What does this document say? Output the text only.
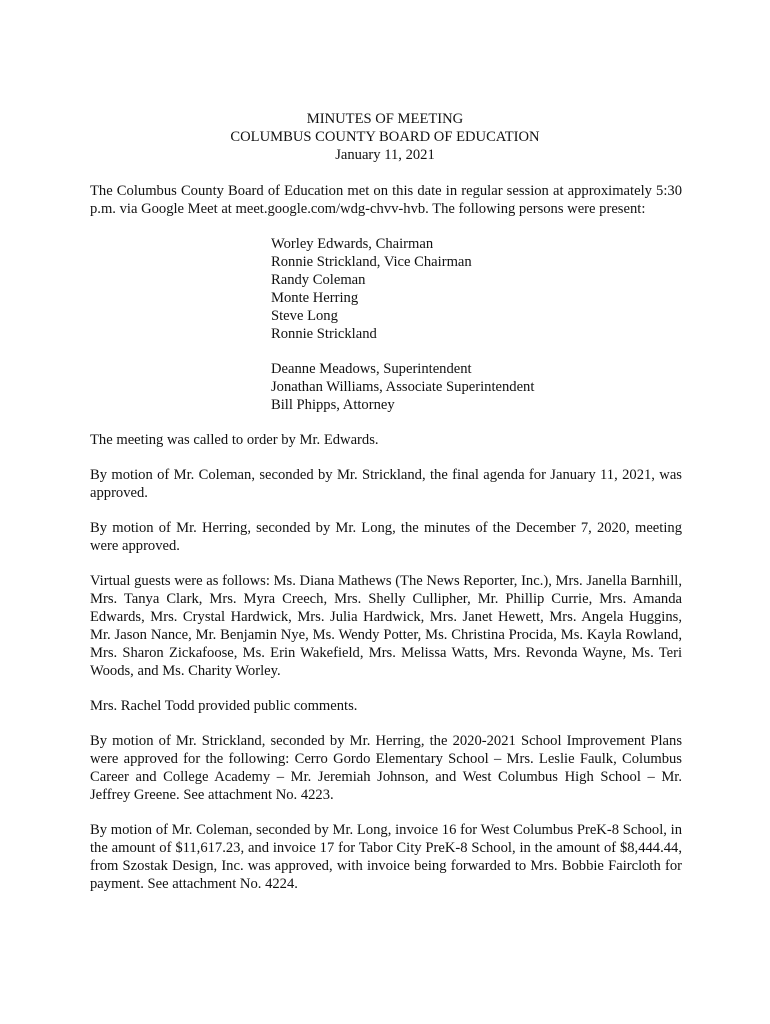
MINUTES OF MEETING
COLUMBUS COUNTY BOARD OF EDUCATION
January 11, 2021

The Columbus County Board of Education met on this date in regular session at approximately 5:30 p.m. via Google Meet at meet.google.com/wdg-chvv-hvb. The following persons were present:

Worley Edwards, Chairman
Ronnie Strickland, Vice Chairman
Randy Coleman
Monte Herring
Steve Long
Ronnie Strickland
Deanne Meadows, Superintendent
Jonathan Williams, Associate Superintendent
Bill Phipps, Attorney

The meeting was called to order by Mr. Edwards.

By motion of Mr. Coleman, seconded by Mr. Strickland, the final agenda for January 11, 2021, was approved.

By motion of Mr. Herring, seconded by Mr. Long, the minutes of the December 7, 2020, meeting were approved.

Virtual guests were as follows: Ms. Diana Mathews (The News Reporter, Inc.), Mrs. Janella Barnhill, Mrs. Tanya Clark, Mrs. Myra Creech, Mrs. Shelly Cullipher, Mr. Phillip Currie, Mrs. Amanda Edwards, Mrs. Crystal Hardwick, Mrs. Julia Hardwick, Mrs. Janet Hewett, Mrs. Angela Huggins, Mr. Jason Nance, Mr. Benjamin Nye, Ms. Wendy Potter, Ms. Christina Procida, Ms. Kayla Rowland, Mrs. Sharon Zickafoose, Ms. Erin Wakefield, Mrs. Melissa Watts, Mrs. Revonda Wayne, Ms. Teri Woods, and Ms. Charity Worley.

Mrs. Rachel Todd provided public comments.

By motion of Mr. Strickland, seconded by Mr. Herring, the 2020-2021 School Improvement Plans were approved for the following: Cerro Gordo Elementary School – Mrs. Leslie Faulk, Columbus Career and College Academy – Mr. Jeremiah Johnson, and West Columbus High School – Mr. Jeffrey Greene. See attachment No. 4223.

By motion of Mr. Coleman, seconded by Mr. Long, invoice 16 for West Columbus PreK-8 School, in the amount of $11,617.23, and invoice 17 for Tabor City PreK-8 School, in the amount of $8,444.44, from Szostak Design, Inc. was approved, with invoice being forwarded to Mrs. Bobbie Faircloth for payment. See attachment No. 4224.
